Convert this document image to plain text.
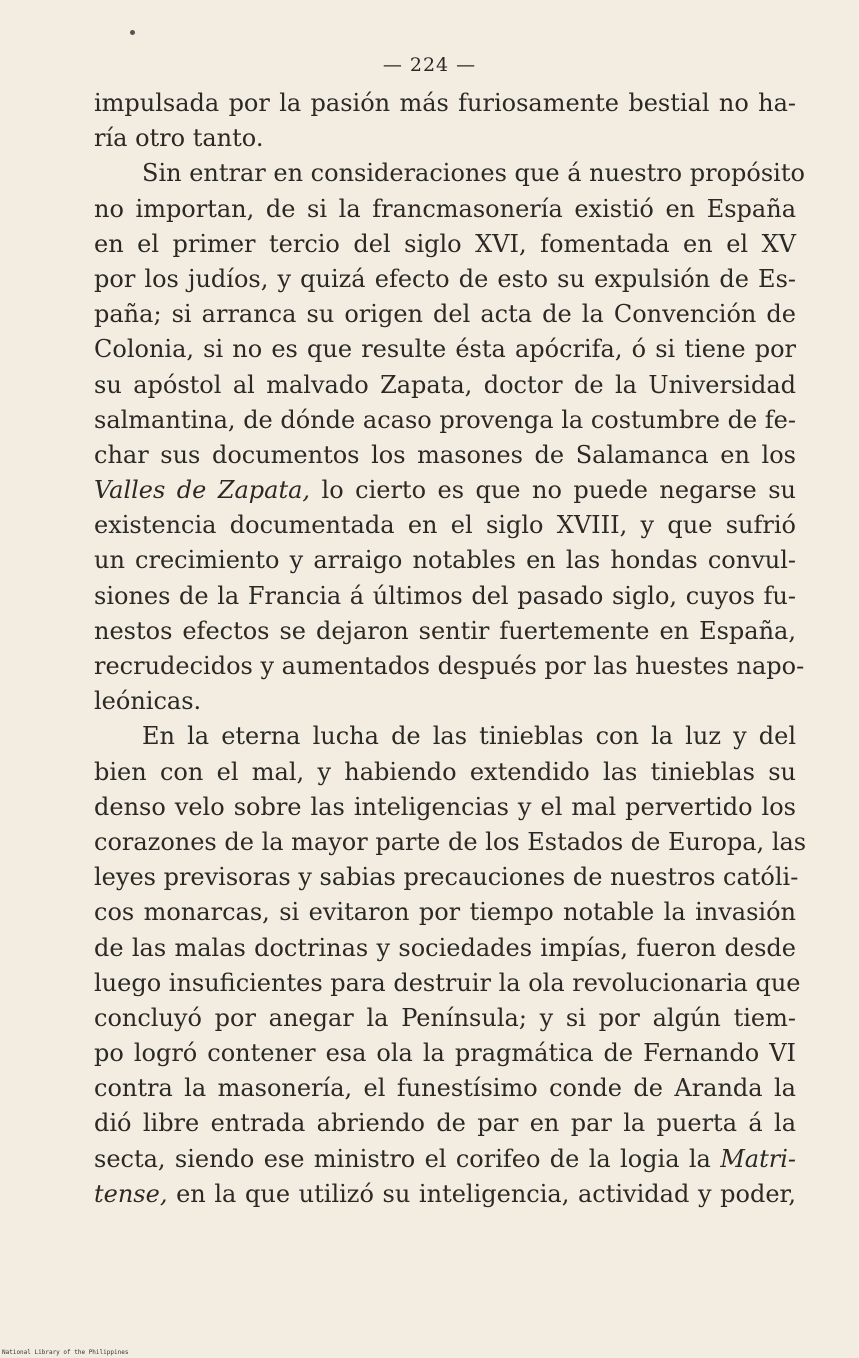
— 224 —
impulsada por la pasión más furiosamente bestial no ha-
ría otro tanto.
Sin entrar en consideraciones que á nuestro propósito
no importan, de si la francmasonería existió en España
en el primer tercio del siglo XVI, fomentada en el XV
por los judíos, y quizá efecto de esto su expulsión de Es-
paña; si arranca su origen del acta de la Convención de
Colonia, si no es que resulte ésta apócrifa, ó si tiene por
su apóstol al malvado Zapata, doctor de la Universidad
salmantina, de dónde acaso provenga la costumbre de fe-
char sus documentos los masones de Salamanca en los
Valles de Zapata, lo cierto es que no puede negarse su
existencia documentada en el siglo XVIII, y que sufrió
un crecimiento y arraigo notables en las hondas convul-
siones de la Francia á últimos del pasado siglo, cuyos fu-
nestos efectos se dejaron sentir fuertemente en España,
recrudecidos y aumentados después por las huestes napo-
leónicas.
En la eterna lucha de las tinieblas con la luz y del
bien con el mal, y habiendo extendido las tinieblas su
denso velo sobre las inteligencias y el mal pervertido los
corazones de la mayor parte de los Estados de Europa, las
leyes previsoras y sabias precauciones de nuestros católi-
cos monarcas, si evitaron por tiempo notable la invasión
de las malas doctrinas y sociedades impías, fueron desde
luego insuficientes para destruir la ola revolucionaria que
concluyó por anegar la Península; y si por algún tiem-
po logró contener esa ola la pragmática de Fernando VI
contra la masonería, el funestísimo conde de Aranda la
dió libre entrada abriendo de par en par la puerta á la
secta, siendo ese ministro el corifeo de la logia la Matri-
tense, en la que utilizó su inteligencia, actividad y poder,
National Library of the Philippines
